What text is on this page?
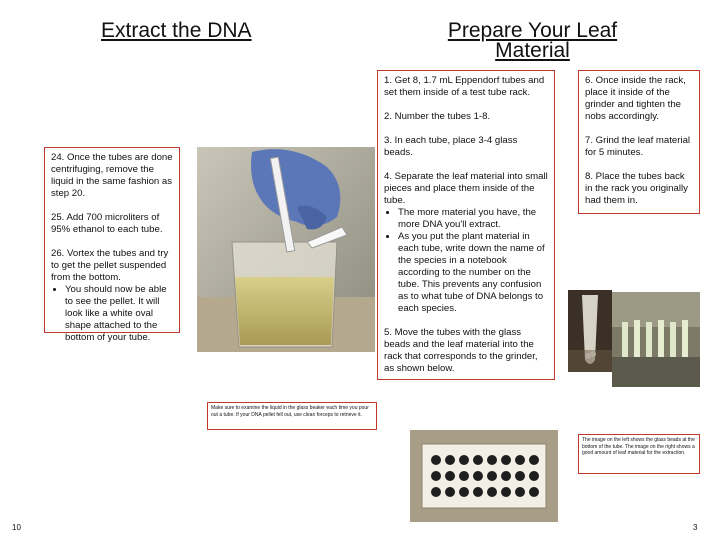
Extract the DNA	Prepare Your Leaf
Material

24. Once the tubes are done centrifuging, remove the liquid in the same fashion as step 20.

25. Add 700 microliters of 95% ethanol to each tube.

26. Vortex the tubes and try to get the pellet suspended from the bottom.

• You should now be able to see the pellet. It will look like a white oval shape attached to the bottom of your tube.

1. Get 8, 1.7 mL Eppendorf tubes and set them inside of a test tube rack.

2. Number the tubes 1-8.

3. In each tube, place 3-4 glass beads.

4. Separate the leaf material into small pieces and place them inside of the tube.

• The more material you have, the more DNA you'll extract.
• As you put the plant material in each tube, write down the name of the species in a notebook according to the number on the tube. This prevents any confusion as to what tube of DNA belongs to each species.

5. Move the tubes with the glass beads and the leaf material into the rack that corresponds to the grinder, as shown below.

6. Once inside the rack, place it inside of the grinder and tighten the nobs accordingly.

7. Grind the leaf material for 5 minutes.

8. Place the tubes back in the rack you originally had them in.

Make sure to examine the liquid in the glass beaker each time you pour out a tube. If your DNA pellet fell out, use clean forceps to retrieve it.
The image on the left shows the glass beads at the bottom of the tube. The image on the right shows a good amount of leaf material for the extraction.
10	3
